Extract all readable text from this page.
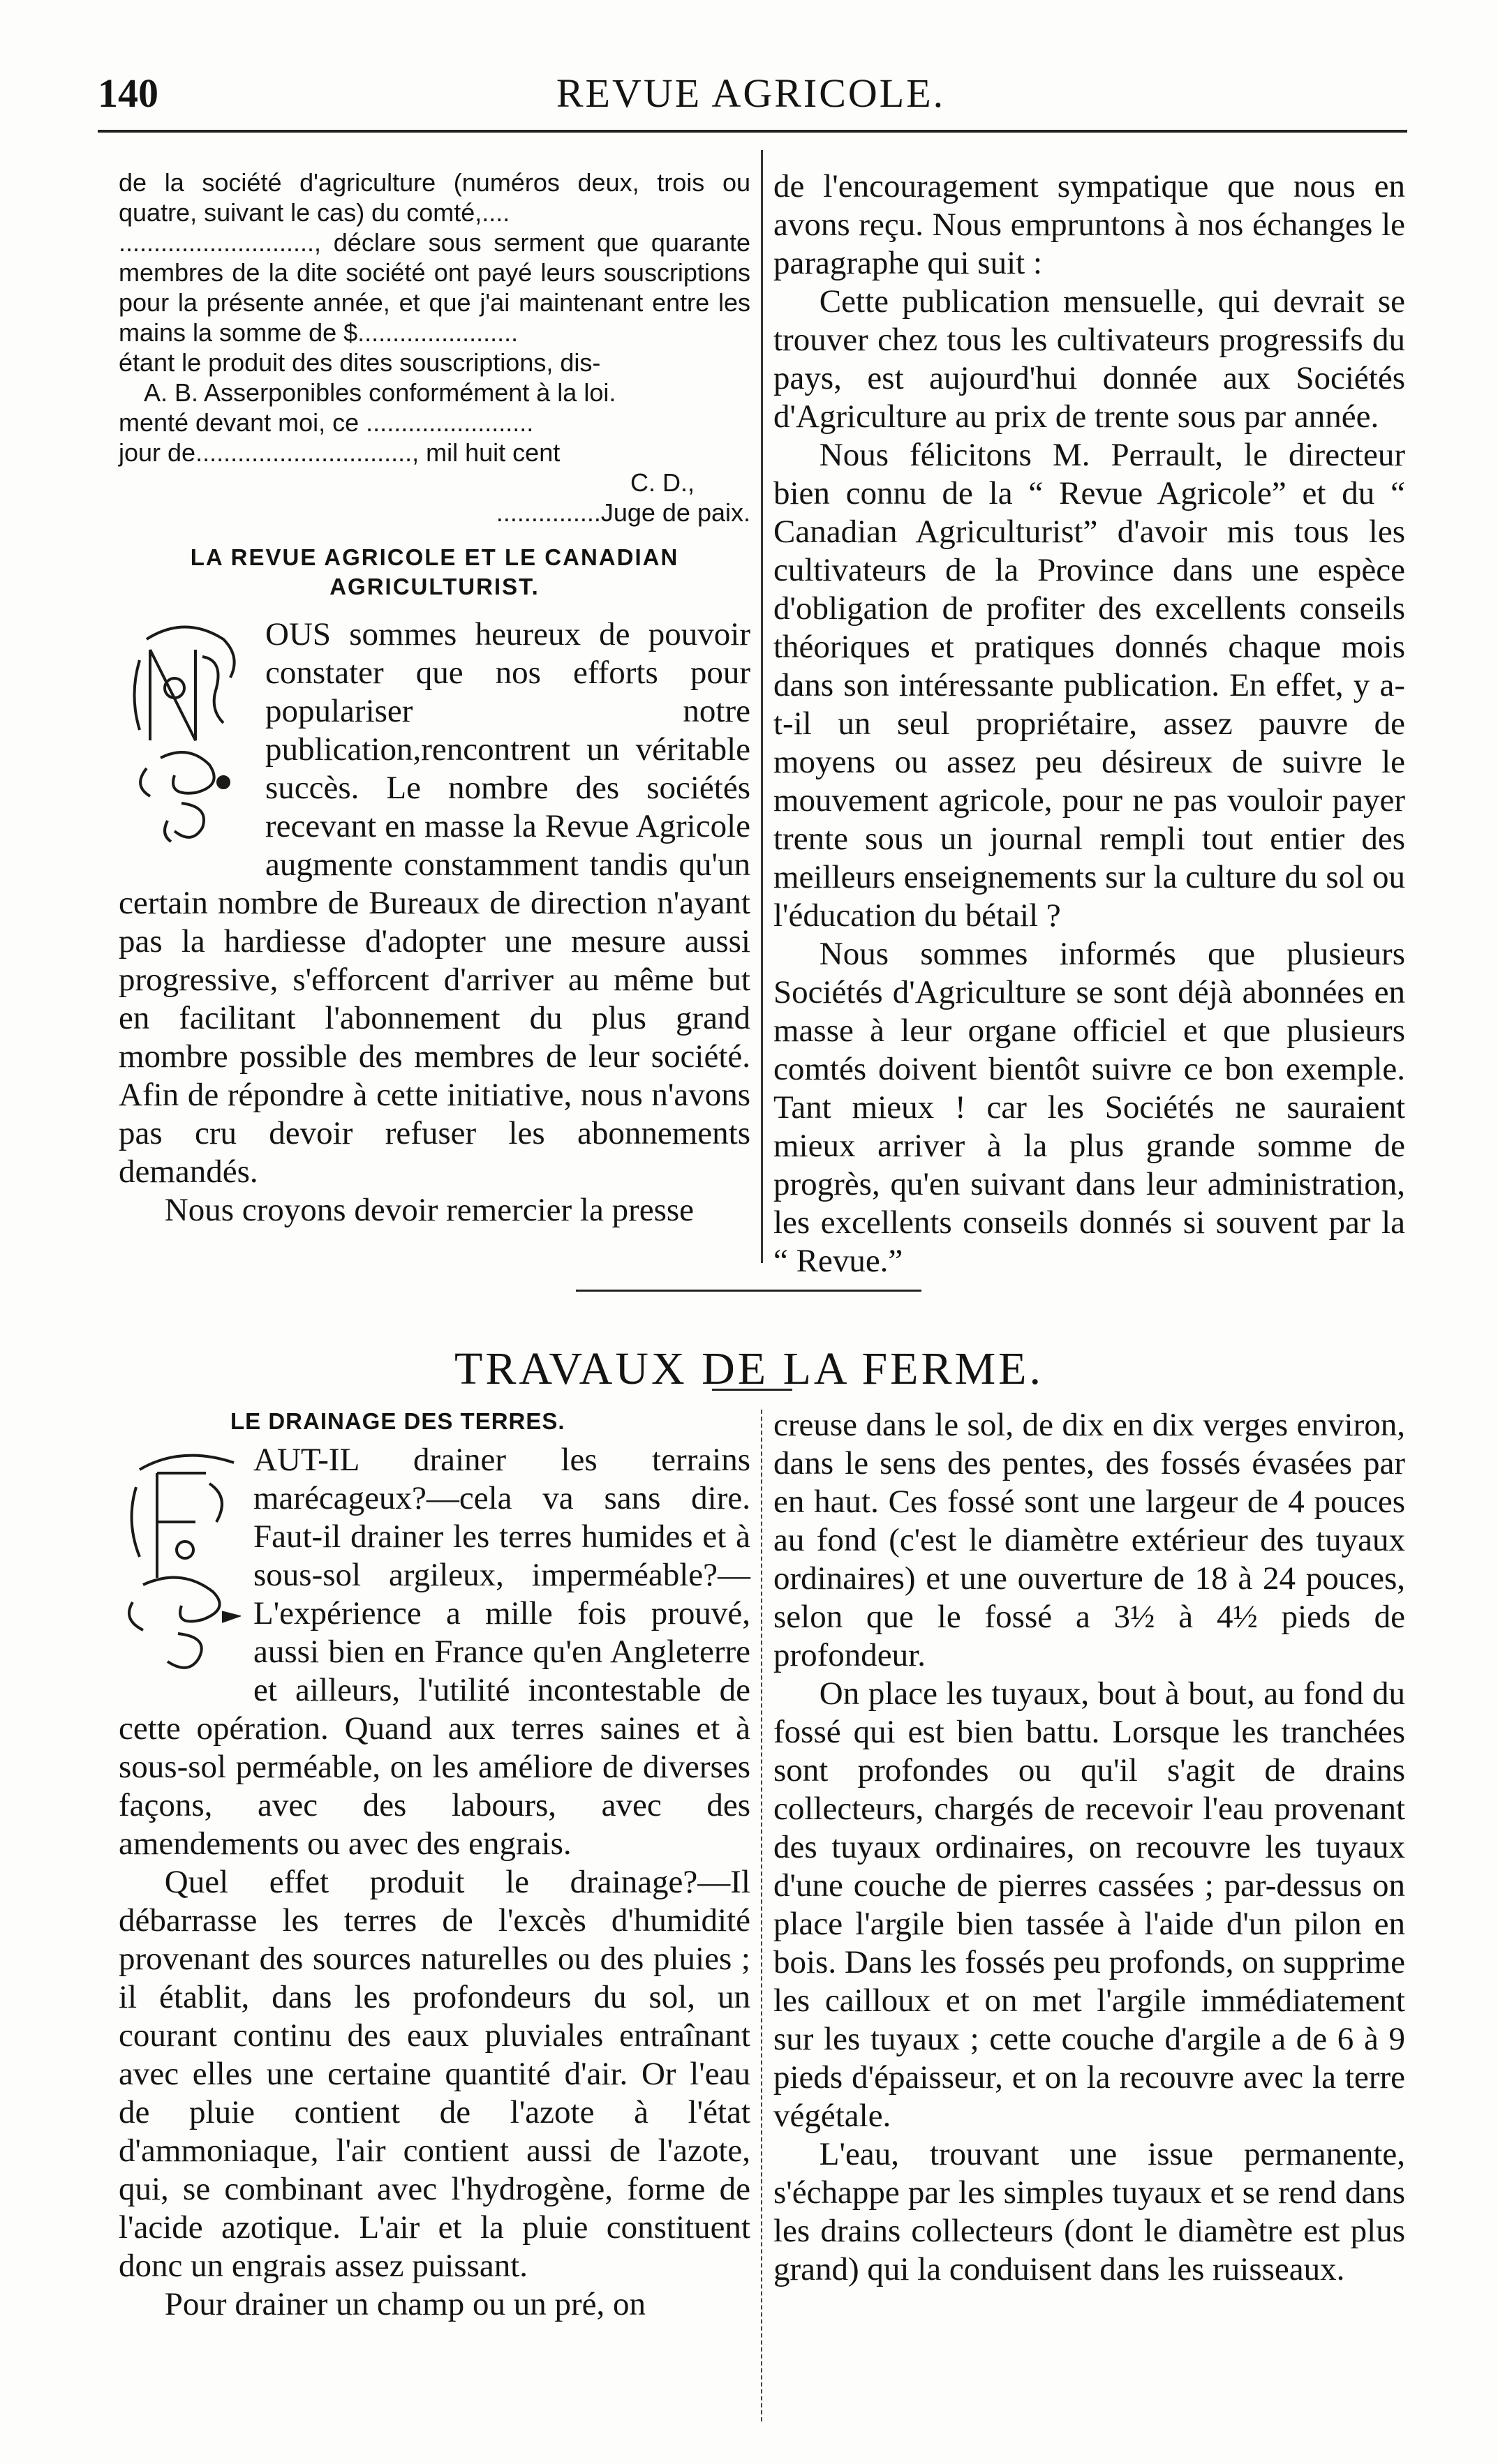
140	REVUE AGRICOLE.

de la société d'agriculture (numéros deux, trois ou quatre, suivant le cas) du comté,....

............................, déclare sous serment que quarante membres de la dite société ont payé leurs souscriptions pour la présente année, et que j'ai maintenant entre les mains la somme de $.......................

étant le produit des dites souscriptions, dis-

A. B. Asserponibles conformément à la loi.

menté devant moi, ce ........................

jour de..............................., mil huit cent

C. D.,
...............Juge de paix.
LA REVUE AGRICOLE ET LE CANADIAN
AGRICULTURIST.

OUS sommes heureux de pouvoir constater que nos efforts pour populariser notre publication,rencontrent un véritable succès. Le nombre des sociétés recevant en masse la Revue Agricole augmente constamment tandis qu'un certain nombre de Bureaux de direction n'ayant pas la hardiesse d'adopter une mesure aussi progressive, s'efforcent d'arriver au même but en facilitant l'abonnement du plus grand mombre possible des membres de leur société. Afin de répondre à cette initiative, nous n'avons pas cru devoir refuser les abonnements demandés.

Nous croyons devoir remercier la presse

de l'encouragement sympatique que nous en avons reçu. Nous empruntons à nos échanges le paragraphe qui suit :

Cette publication mensuelle, qui devrait se trouver chez tous les cultivateurs progressifs du pays, est aujourd'hui donnée aux Sociétés d'Agriculture au prix de trente sous par année.

Nous félicitons M. Perrault, le directeur bien connu de la “ Revue Agricole” et du “ Canadian Agriculturist” d'avoir mis tous les cultivateurs de la Province dans une espèce d'obligation de profiter des excellents conseils théoriques et pratiques donnés chaque mois dans son intéressante publication. En effet, y a-t-il un seul propriétaire, assez pauvre de moyens ou assez peu désireux de suivre le mouvement agricole, pour ne pas vouloir payer trente sous un journal rempli tout entier des meilleurs enseignements sur la culture du sol ou l'éducation du bétail ?

Nous sommes informés que plusieurs Sociétés d'Agriculture se sont déjà abonnées en masse à leur organe officiel et que plusieurs comtés doivent bientôt suivre ce bon exemple. Tant mieux ! car les Sociétés ne sauraient mieux arriver à la plus grande somme de progrès, qu'en suivant dans leur administration, les excellents conseils donnés si souvent par la “ Revue.”

TRAVAUX DE LA FERME.
LE DRAINAGE DES TERRES.

AUT-IL drainer les terrains marécageux?—cela va sans dire. Faut-il drainer les terres humides et à sous-sol argileux, imperméable?—L'expérience a mille fois prouvé, aussi bien en France qu'en Angleterre et ailleurs, l'utilité incontestable de cette opération. Quand aux terres saines et à sous-sol perméable, on les améliore de diverses façons, avec des labours, avec des amendements ou avec des engrais.

Quel effet produit le drainage?—Il débarrasse les terres de l'excès d'humidité provenant des sources naturelles ou des pluies ; il établit, dans les profondeurs du sol, un courant continu des eaux pluviales entraînant avec elles une certaine quantité d'air. Or l'eau de pluie contient de l'azote à l'état d'ammoniaque, l'air contient aussi de l'azote, qui, se combinant avec l'hydrogène, forme de l'acide azotique. L'air et la pluie constituent donc un engrais assez puissant.

Pour drainer un champ ou un pré, on

creuse dans le sol, de dix en dix verges environ, dans le sens des pentes, des fossés évasées par en haut. Ces fossé sont une largeur de 4 pouces au fond (c'est le diamètre extérieur des tuyaux ordinaires) et une ouverture de 18 à 24 pouces, selon que le fossé a 3½ à 4½ pieds de profondeur.

On place les tuyaux, bout à bout, au fond du fossé qui est bien battu. Lorsque les tranchées sont profondes ou qu'il s'agit de drains collecteurs, chargés de recevoir l'eau provenant des tuyaux ordinaires, on recouvre les tuyaux d'une couche de pierres cassées ; par-dessus on place l'argile bien tassée à l'aide d'un pilon en bois. Dans les fossés peu profonds, on supprime les cailloux et on met l'argile immédiatement sur les tuyaux ; cette couche d'argile a de 6 à 9 pieds d'épaisseur, et on la recouvre avec la terre végétale.

L'eau, trouvant une issue permanente, s'échappe par les simples tuyaux et se rend dans les drains collecteurs (dont le diamètre est plus grand) qui la conduisent dans les ruisseaux.
